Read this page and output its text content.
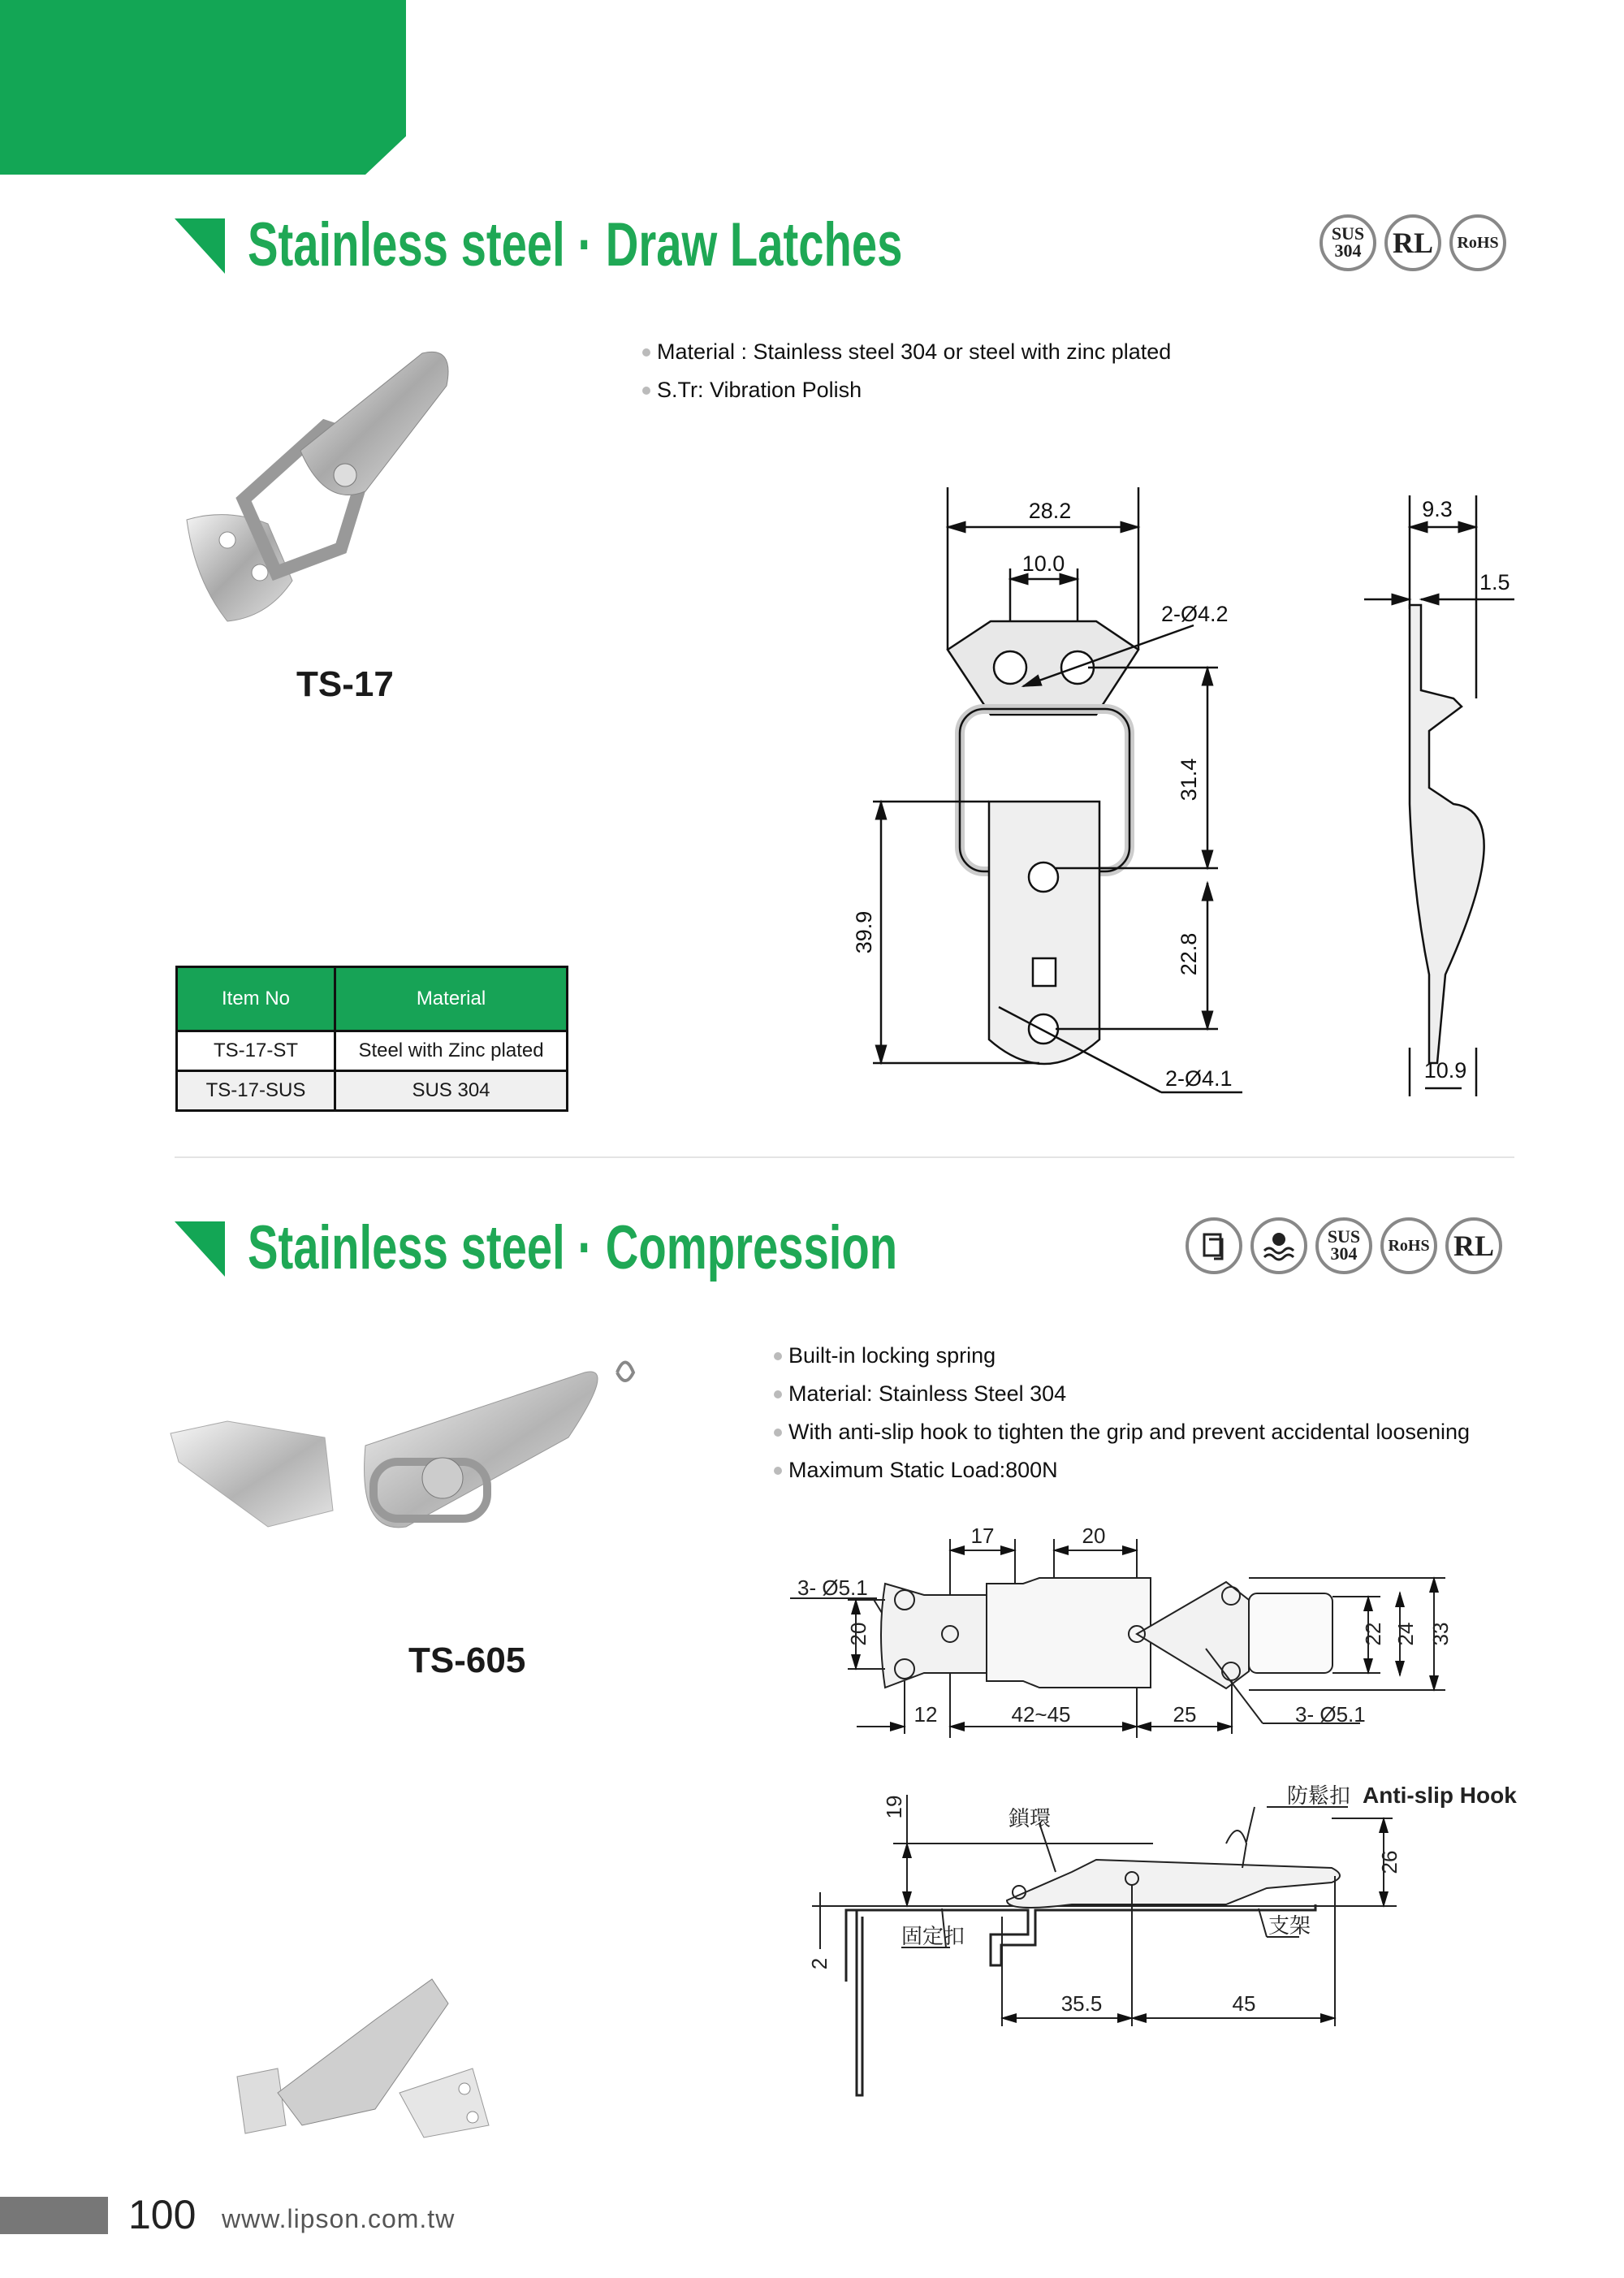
Draw Latches
Stainless steel · Draw Latches	SUS
304 RL	RoHS
Material : Stainless steel 304 or steel with zinc plated
S.Tr: Vibration Polish
TS-17
Item No	Material
TS-17-ST	Steel with Zinc plated
TS-17-SUS	SUS 304
28.2
10.0
2-Ø4.2
31.4
22.8
39.9
2-Ø4.1
9.3
1.5
10.9
3- Ø5.1
17	20
20
12	42~45	25	3- Ø5.1
22 24 33
19
2
鎖環
防鬆扣 Anti-slip Hook
26
固定扣	支架
35.5	45
Stainless steel · Compression	SUS
304	RoHS RL
Built-in locking spring
Material: Stainless Steel 304
With anti-slip hook to tighten the grip and prevent accidental loosening
Maximum Static Load:800N
TS-605
100 www.lipson.com.tw
